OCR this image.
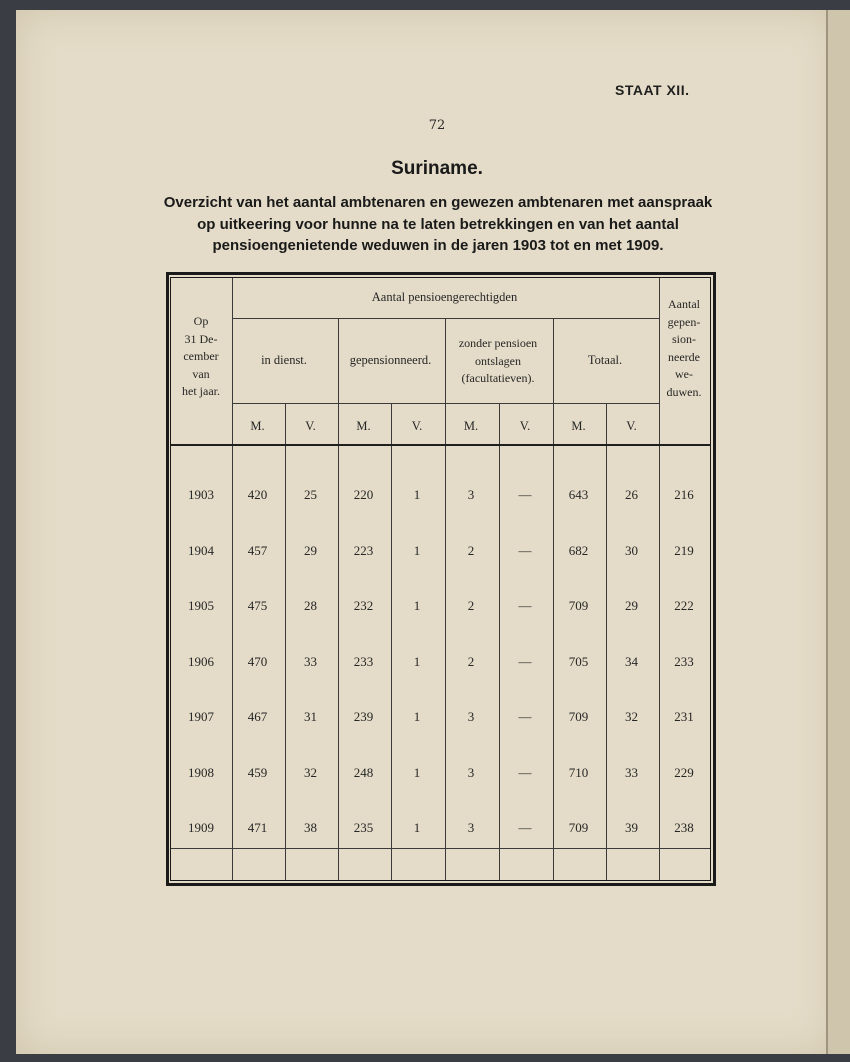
STAAT XII.
72
Suriname.
Overzicht van het aantal ambtenaren en gewezen ambtenaren met aanspraak
op uitkeering voor hunne na te laten betrekkingen en van het aantal
pensioengenietende weduwen in de jaren 1903 tot en met 1909.
Op
31 De-
cember
van
het jaar.
Aantal pensioengerechtigden
in dienst.	gepensionneerd.
zonder pensioen
ontslagen
(facultatieven).
Totaal.
Aantal
gepen-
sion-
neerde
we-
duwen.
M.	V.	M.	V.	M.	V.	M.	V.
1903	420	25	220	1	3	—	643	26	216
1904	457	29	223	1	2	—	682	30	219
1905	475	28	232	1	2	—	709	29	222
1906	470	33	233	1	2	—	705	34	233
1907	467	31	239	1	3	—	709	32	231
1908	459	32	248	1	3	—	710	33	229
1909	471	38	235	1	3	—	709	39	238
